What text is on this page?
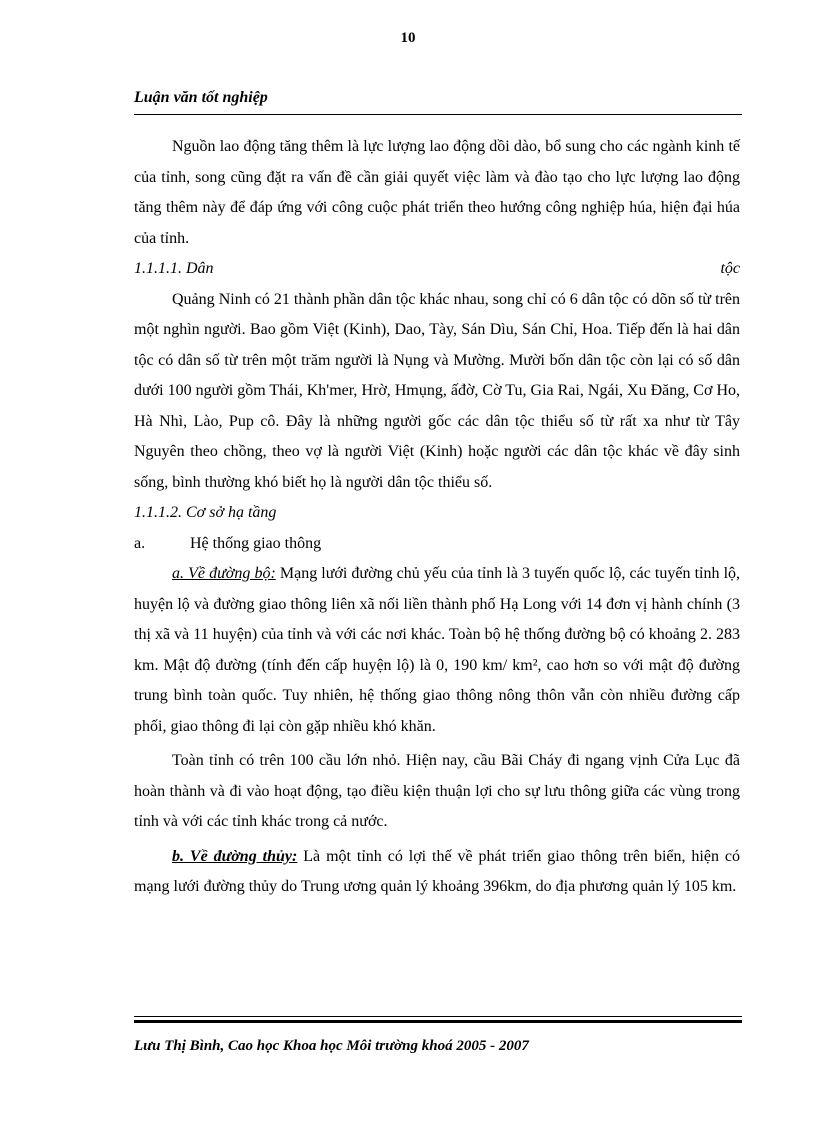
10
Luận văn tốt nghiệp

Nguồn lao động tăng thêm là lực lượng lao động dồi dào, bổ sung cho các ngành kinh tế của tỉnh, song cũng đặt ra vấn đề cần giải quyết việc làm và đào tạo cho lực lượng lao động tăng thêm này để đáp ứng với công cuộc phát triển theo hướng công nghiệp húa, hiện đại húa của tỉnh.

1.1.1.1. Dân	tộc

Quảng Ninh có 21 thành phần dân tộc khác nhau, song chỉ có 6 dân tộc có dõn số từ trên một nghìn người. Bao gồm Việt (Kinh), Dao, Tày, Sán Dìu, Sán Chỉ, Hoa. Tiếp đến là hai dân tộc có dân số từ trên một trăm người là Nụng và Mường. Mười bốn dân tộc còn lại có số dân dưới 100 người gồm Thái, Kh'mer, Hrờ, Hmụng, ấđờ, Cờ Tu, Gia Rai, Ngái, Xu Đăng, Cơ Ho, Hà Nhì, Lào, Pup cô. Đây là những người gốc các dân tộc thiểu số từ rất xa như từ Tây Nguyên theo chồng, theo vợ là người Việt (Kinh) hoặc người các dân tộc khác về đây sinh sống, bình thường khó biết họ là người dân tộc thiểu số.

1.1.1.2. Cơ sở hạ tầng

a.	Hệ thống giao thông

a. Về đường bộ: Mạng lưới đường chủ yếu của tỉnh là 3 tuyến quốc lộ, các tuyến tỉnh lộ, huyện lộ và đường giao thông liên xã nối liền thành phố Hạ Long với 14 đơn vị hành chính (3 thị xã và 11 huyện) của tỉnh và với các nơi khác. Toàn bộ hệ thống đường bộ có khoảng 2. 283 km. Mật độ đường (tính đến cấp huyện lộ) là 0, 190 km/ km², cao hơn so với mật độ đường trung bình toàn quốc. Tuy nhiên, hệ thống giao thông nông thôn vẫn còn nhiều đường cấp phối, giao thông đi lại còn gặp nhiều khó khăn.

Toàn tỉnh có trên 100 cầu lớn nhỏ. Hiện nay, cầu Bãi Cháy đi ngang vịnh Cửa Lục đã hoàn thành và đi vào hoạt động, tạo điều kiện thuận lợi cho sự lưu thông giữa các vùng trong tỉnh và với các tỉnh khác trong cả nước.

b. Về đường thủy: Là một tỉnh có lợi thế về phát triển giao thông trên biển, hiện có mạng lưới đường thủy do Trung ương quản lý khoảng 396km, do địa phương quản lý 105 km.

Lưu Thị Bình, Cao học Khoa học Môi trường khoá 2005 - 2007
